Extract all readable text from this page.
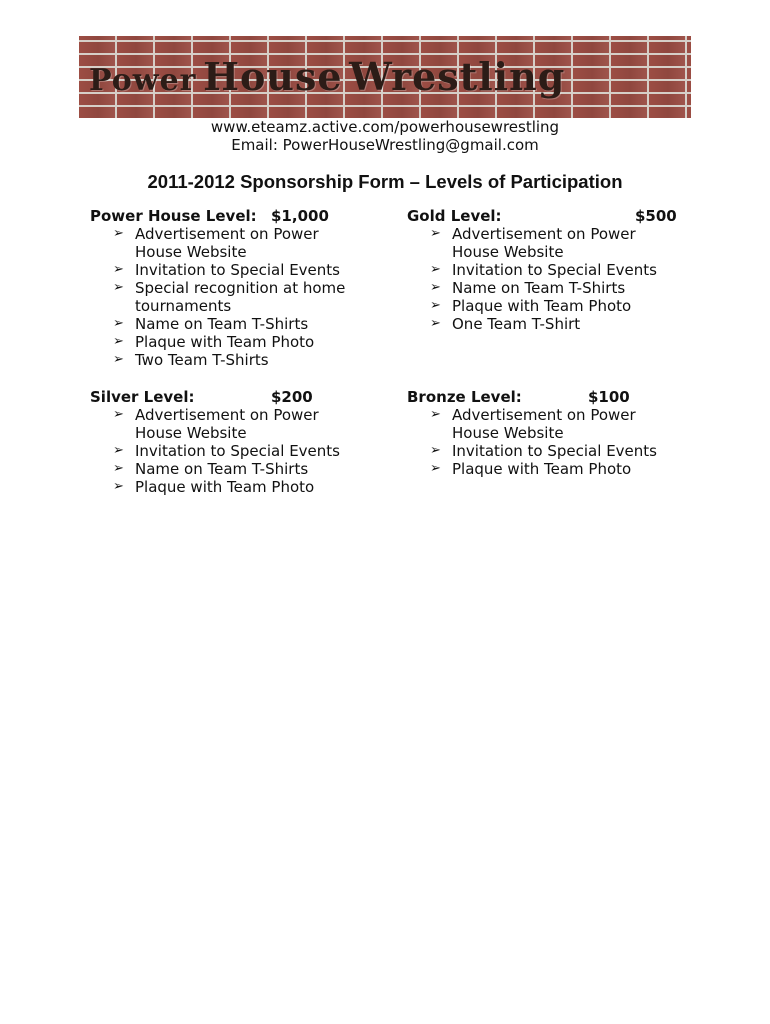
Power House Wrestling
www.eteamz.active.com/powerhousewrestling
Email: PowerHouseWrestling@gmail.com
2011-2012 Sponsorship Form – Levels of Participation
Power House Level: $1,000
➢ Advertisement on Power House Website
➢ Invitation to Special Events
➢ Special recognition at home tournaments
➢ Name on Team T-Shirts
➢ Plaque with Team Photo
➢ Two Team T-Shirts
Gold Level:	$500
➢ Advertisement on Power House Website
➢ Invitation to Special Events
➢ Name on Team T-Shirts
➢ Plaque with Team Photo
➢ One Team T-Shirt
Silver Level:	$200
➢ Advertisement on Power House Website
➢ Invitation to Special Events
➢ Name on Team T-Shirts
➢ Plaque with Team Photo
Bronze Level:	$100
➢ Advertisement on Power House Website
➢ Invitation to Special Events
➢ Plaque with Team Photo
